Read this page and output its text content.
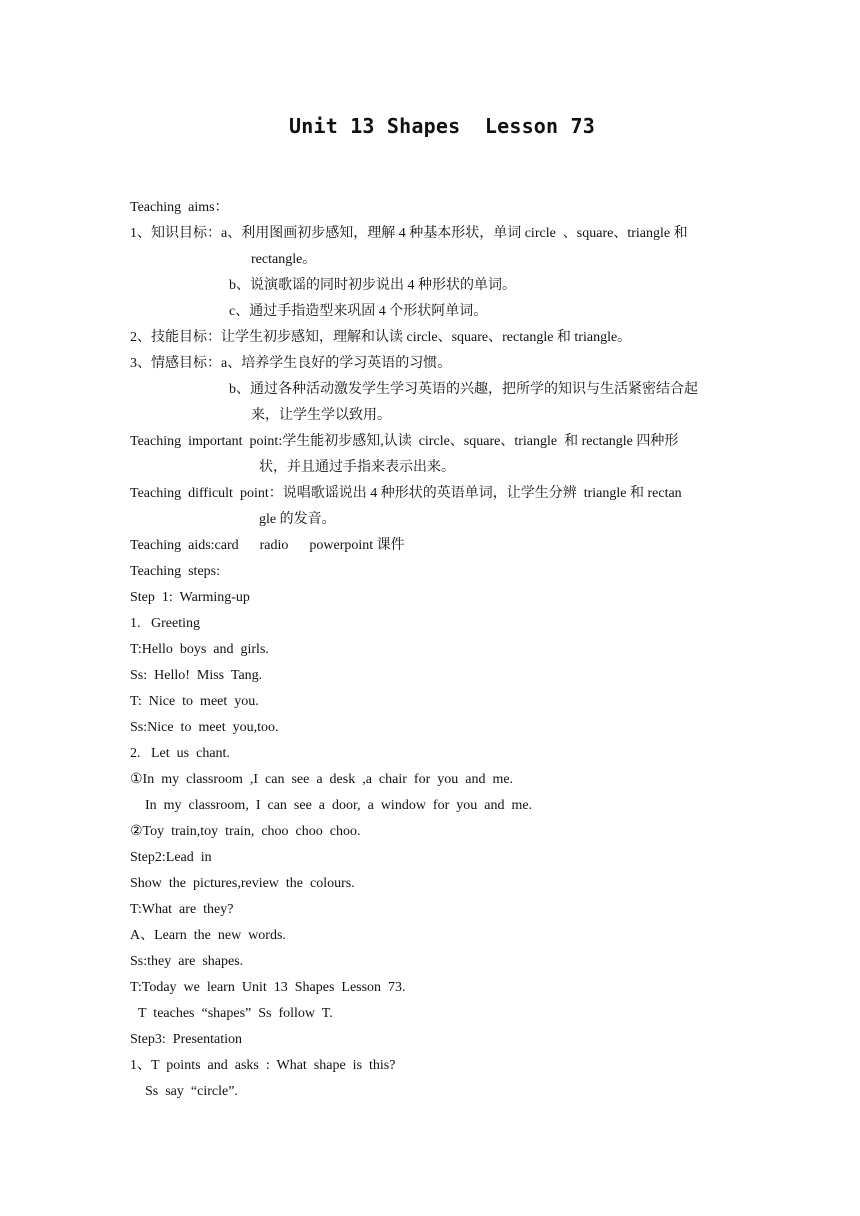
Unit 13 Shapes  Lesson 73
Teaching  aims：
1、知识目标：a、利用图画初步感知，理解 4 种基本形状，单词 circle  、square、triangle 和
rectangle。
b、说演歌谣的同时初步说出 4 种形状的单词。
c、通过手指造型来巩固 4 个形状阿单词。
2、技能目标：让学生初步感知，理解和认读 circle、square、rectangle 和 triangle。
3、情感目标：a、培养学生良好的学习英语的习惯。
b、通过各种活动激发学生学习英语的兴趣，把所学的知识与生活紧密结合起
来，让学生学以致用。
Teaching  important  point:学生能初步感知,认读  circle、square、triangle  和 rectangle 四种形
状，并且通过手指来表示出来。
Teaching  difficult  point：说唱歌谣说出 4 种形状的英语单词，让学生分辨  triangle 和 rectan
gle 的发音。
Teaching  aids:card      radio      powerpoint 课件
Teaching  steps:
Step  1:  Warming-up
1.   Greeting
T:Hello  boys  and  girls.
Ss:  Hello!  Miss  Tang.
T:  Nice  to  meet  you.
Ss:Nice  to  meet  you,too.
2.   Let  us  chant.
①In  my  classroom  ,I  can  see  a  desk  ,a  chair  for  you  and  me.
In  my  classroom,  I  can  see  a  door,  a  window  for  you  and  me.
②Toy  train,toy  train,  choo  choo  choo.
Step2:Lead  in
Show  the  pictures,review  the  colours.
T:What  are  they?
A、Learn  the  new  words.
Ss:they  are  shapes.
T:Today  we  learn  Unit  13  Shapes  Lesson  73.
T  teaches  “shapes”  Ss  follow  T.
Step3:  Presentation
1、T  points  and  asks  :  What  shape  is  this?
Ss  say  “circle”.
